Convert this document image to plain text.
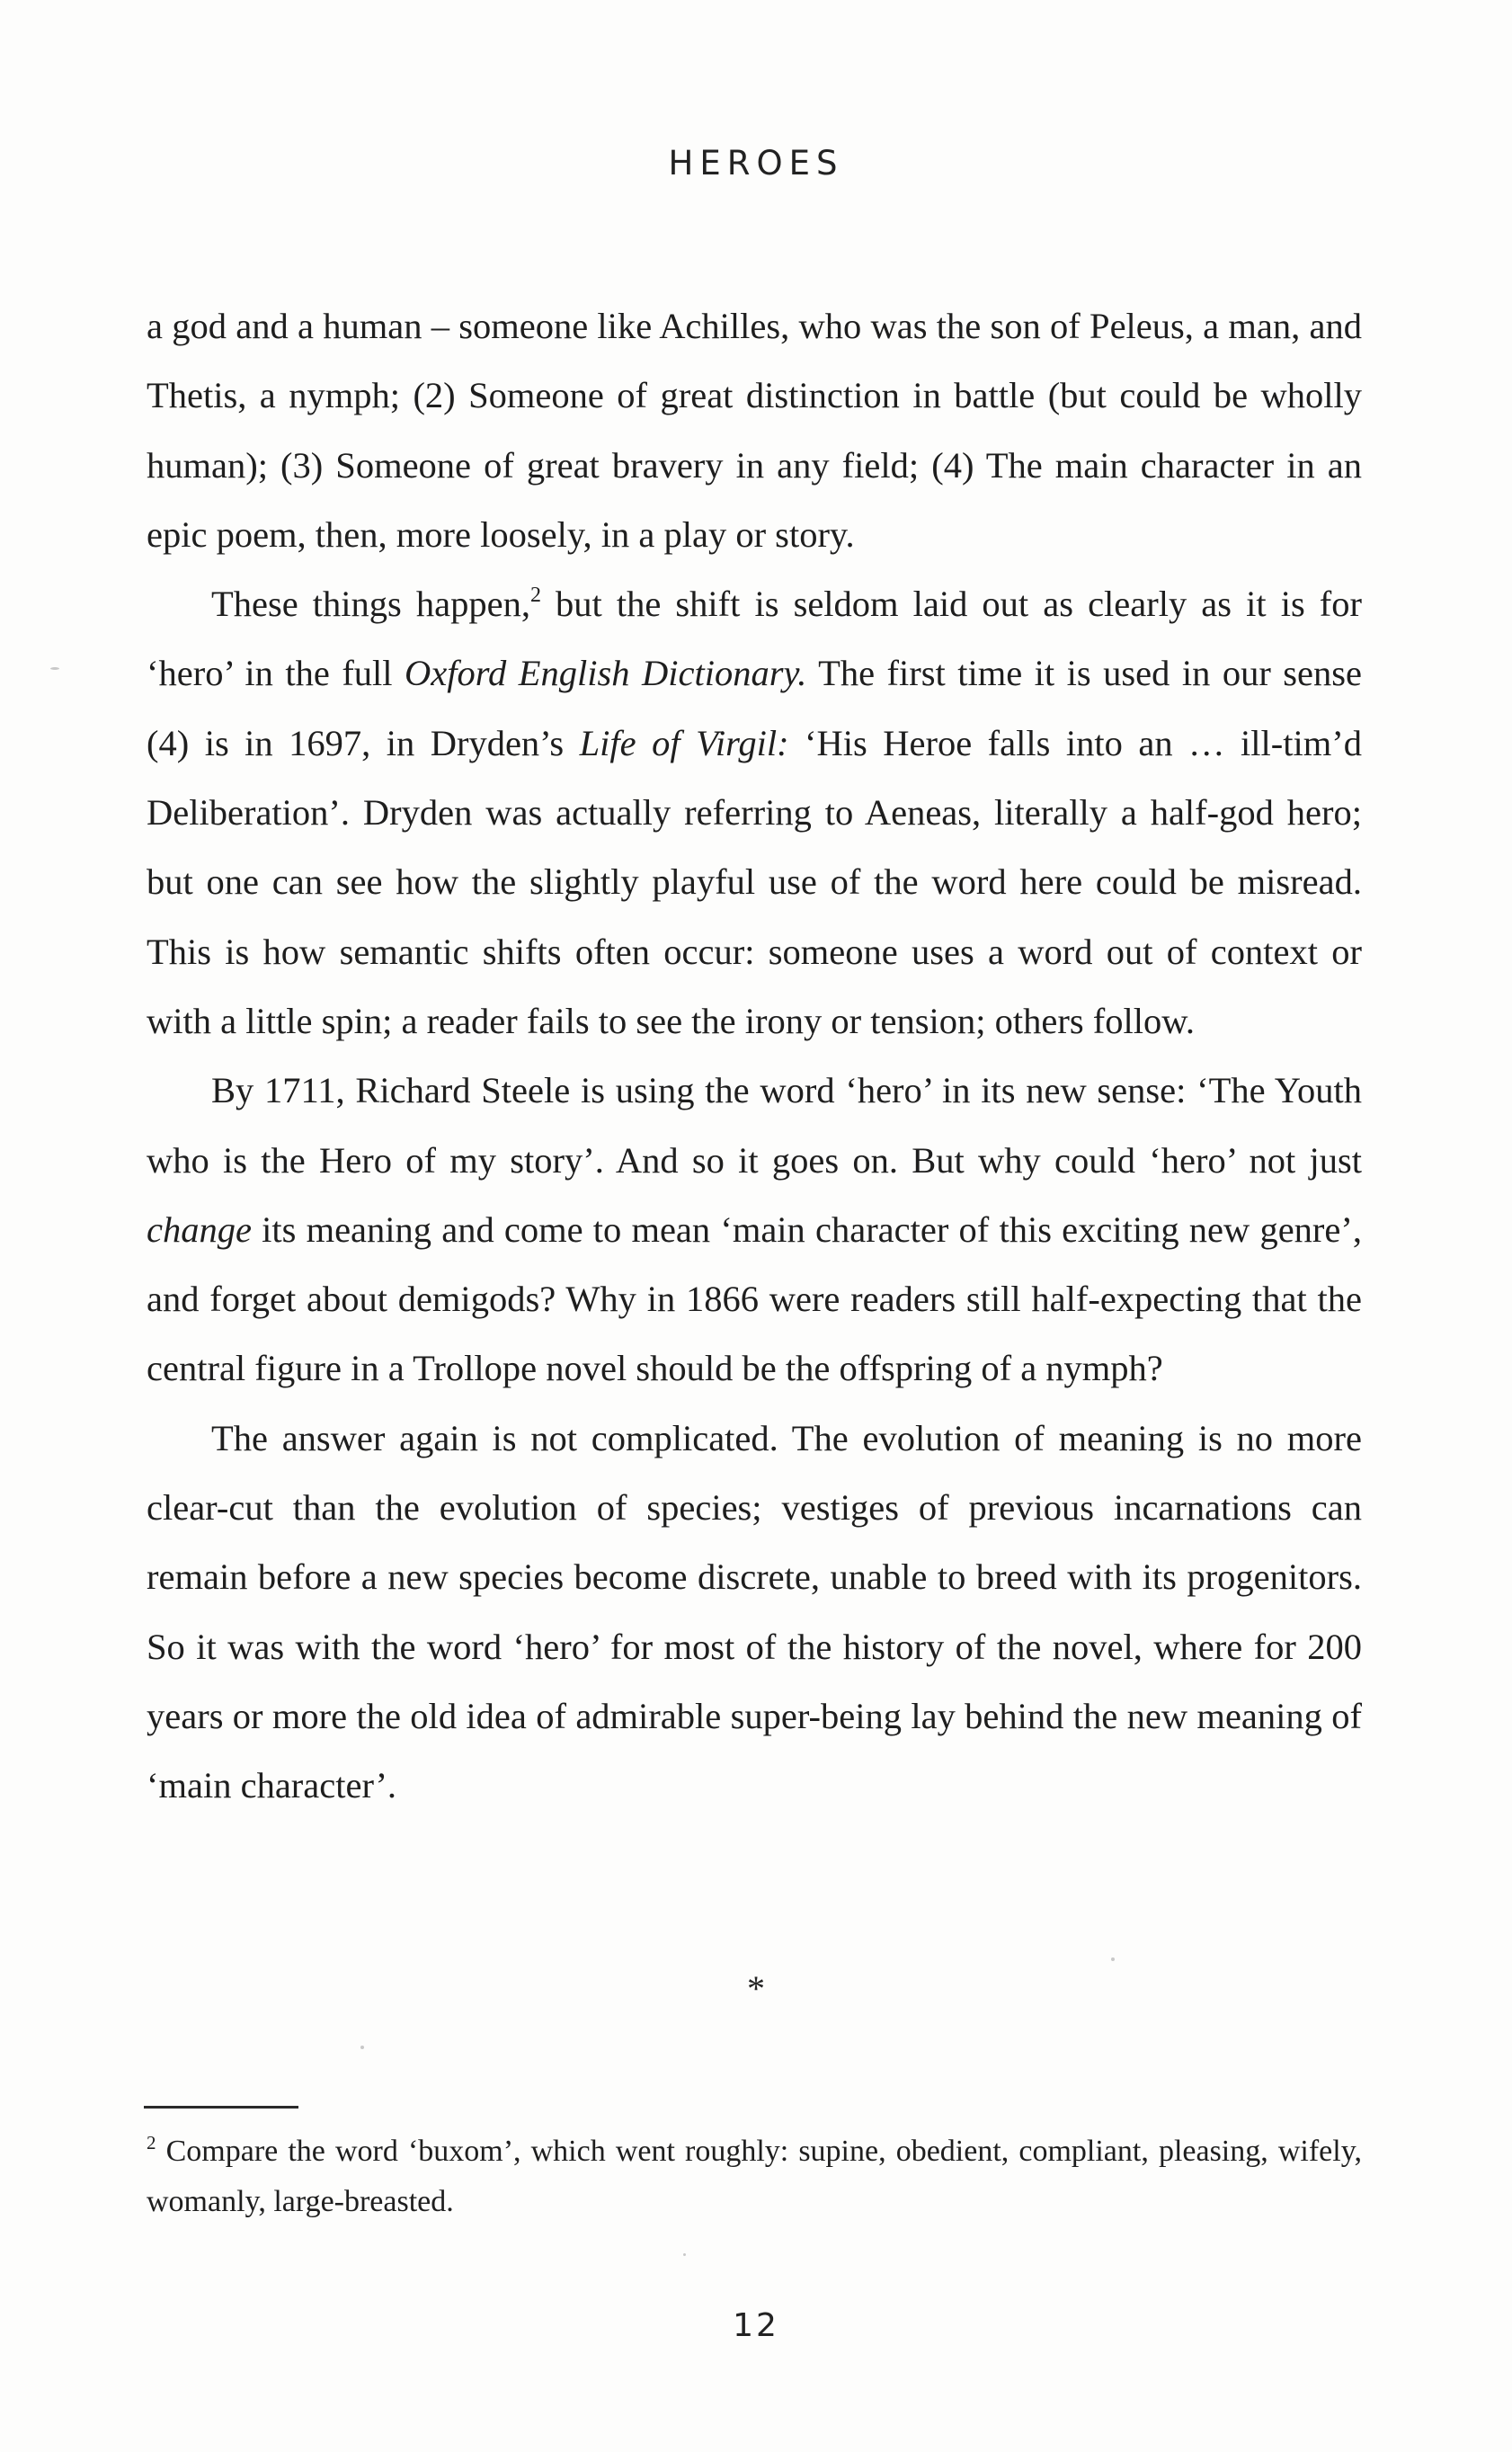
HEROES

a god and a human – someone like Achilles, who was the son of Peleus, a man, and Thetis, a nymph; (2) Someone of great distinction in battle (but could be wholly human); (3) Someone of great bravery in any field; (4) The main character in an epic poem, then, more loosely, in a play or story.

These things happen,$^2$ but the shift is seldom laid out as clearly as it is for ‘hero’ in the full Oxford English Dictionary. The first time it is used in our sense (4) is in 1697, in Dryden’s Life of Virgil: ‘His Heroe falls into an … ill-tim’d Deliberation’. Dryden was actually referring to Aeneas, literally a half-god hero; but one can see how the slightly playful use of the word here could be misread. This is how semantic shifts often occur: someone uses a word out of context or with a little spin; a reader fails to see the irony or tension; others follow.

By 1711, Richard Steele is using the word ‘hero’ in its new sense: ‘The Youth who is the Hero of my story’. And so it goes on. But why could ‘hero’ not just change its meaning and come to mean ‘main character of this exciting new genre’, and forget about demigods? Why in 1866 were readers still half-expecting that the central figure in a Trollope novel should be the offspring of a nymph?

The answer again is not complicated. The evolution of meaning is no more clear-cut than the evolution of species; vestiges of previous incarnations can remain before a new species become discrete, unable to breed with its progenitors. So it was with the word ‘hero’ for most of the history of the novel, where for 200 years or more the old idea of admirable super-being lay behind the new meaning of ‘main character’.

*
$^2$ Compare the word ‘buxom’, which went roughly: supine, obedient, compliant, pleasing, wifely, womanly, large-breasted.
12
